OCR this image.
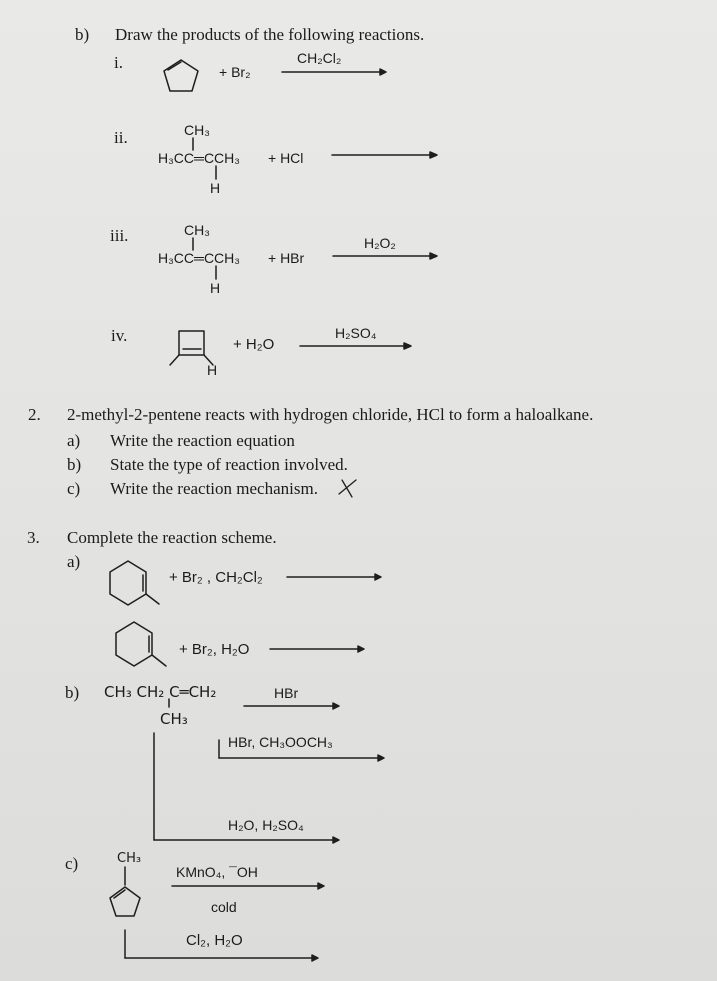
b) Draw the products of the following reactions.
i.	+ Br₂
CH₂Cl₂
ii.	CH₃
H₃CC═CCH₃
H
+ HCl
iii.	CH₃
H₃CC═CCH₃
H
+ HBr
H₂O₂
iv.
H
+ H₂O
H₂SO₄
2. 2-methyl-2-pentene reacts with hydrogen chloride, HCl to form a haloalkane.
a) Write the reaction equation
b) State the type of reaction involved.
c) Write the reaction mechanism.
3. Complete the reaction scheme.
a)
+ Br₂ , CH₂Cl₂
+ Br₂, H₂O
b) CH₃ CH₂ C═CH₂
CH₃
HBr
HBr, CH₃OOCH₃
H₂O, H₂SO₄
c)	CH₃
KMnO₄, ¯OH
cold
Cl₂, H₂O
